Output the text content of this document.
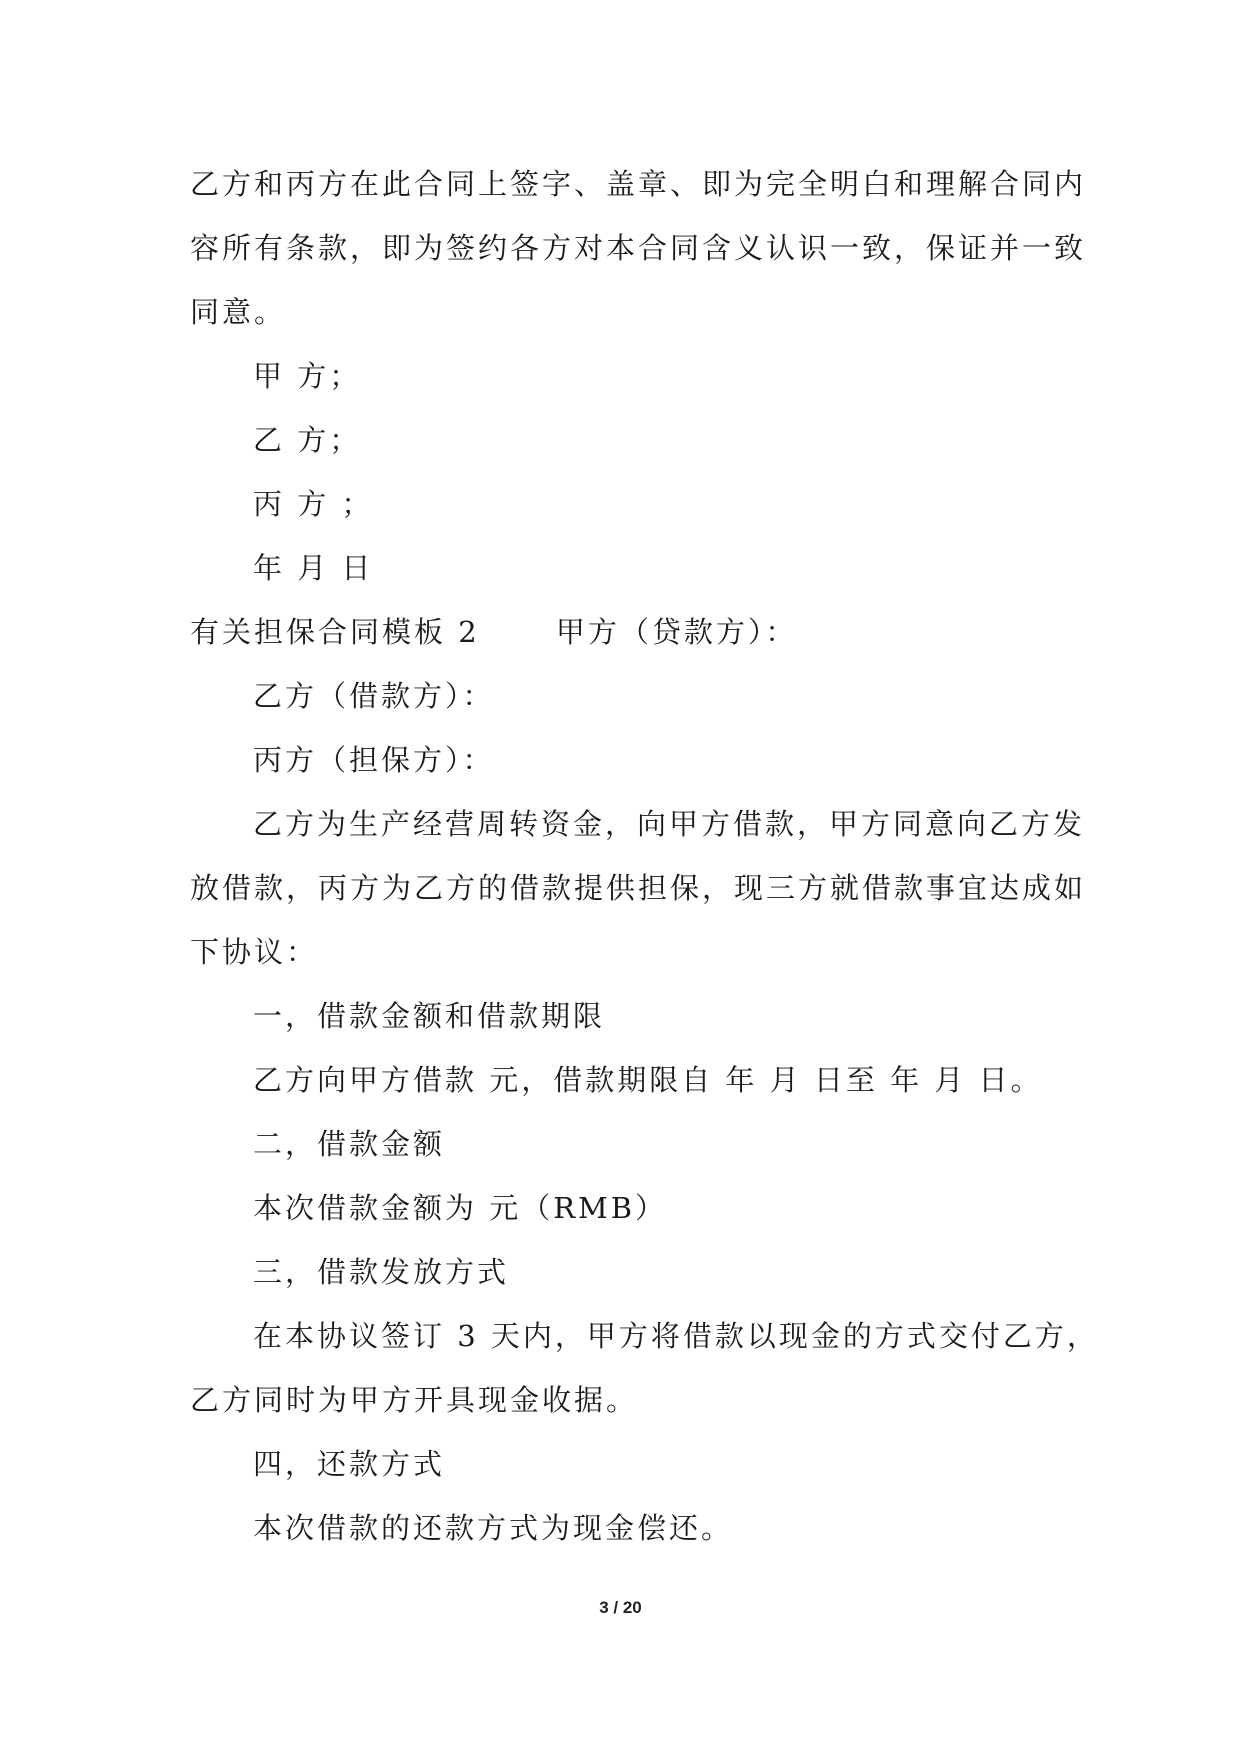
乙方和丙方在此合同上签字、盖章、即为完全明白和理解合同内
容所有条款，即为签约各方对本合同含义认识一致，保证并一致
同意。
甲 方；
乙 方；
丙 方 ；
年 月 日
有关担保合同模板 2　　 甲方（贷款方）：
乙方（借款方）：
丙方（担保方）：
乙方为生产经营周转资金，向甲方借款，甲方同意向乙方发
放借款，丙方为乙方的借款提供担保，现三方就借款事宜达成如
下协议：
一，借款金额和借款期限
乙方向甲方借款 元，借款期限自 年 月 日至 年 月 日。
二，借款金额
本次借款金额为 元（RMB）
三，借款发放方式
在本协议签订 3 天内，甲方将借款以现金的方式交付乙方，
乙方同时为甲方开具现金收据。
四，还款方式
本次借款的还款方式为现金偿还。
3 / 20
